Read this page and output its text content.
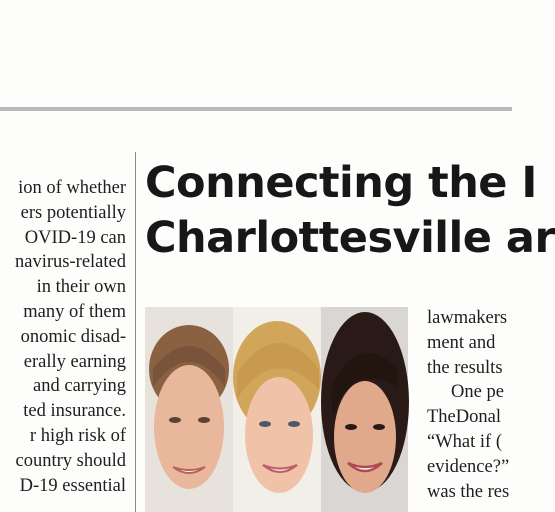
ion of whether
ers potentially
OVID-19 can
navirus-related
in their own
many of them
onomic disad-
erally earning
and carrying
ted insurance.
r high risk of
country should
D-19 essential
Connecting the I
Charlottesville ar
lawmakers
ment and
the results
One pe
TheDonal
“What if (
evidence?”
was the res
